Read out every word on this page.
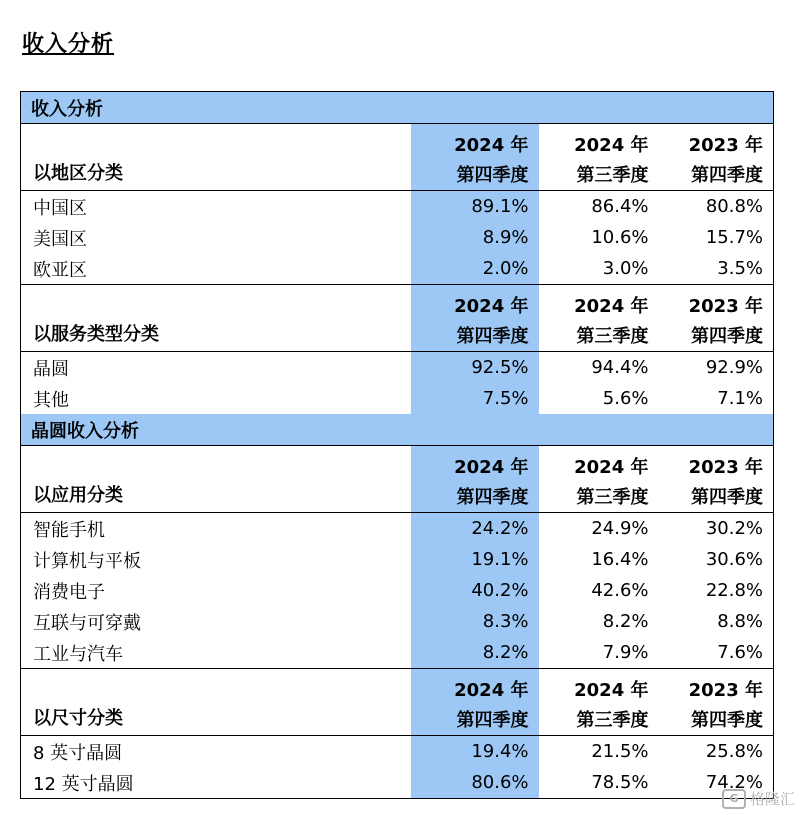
收入分析
收入分析			
	2024 年	2024 年	2023 年
以地区分类	第四季度	第三季度	第四季度
中国区	89.1%	86.4%	80.8%
美国区	8.9%	10.6%	15.7%
欧亚区	2.0%	3.0%	3.5%
	2024 年	2024 年	2023 年
以服务类型分类	第四季度	第三季度	第四季度
晶圆	92.5%	94.4%	92.9%
其他	7.5%	5.6%	7.1%
晶圆收入分析			
	2024 年	2024 年	2023 年
以应用分类	第四季度	第三季度	第四季度
智能手机	24.2%	24.9%	30.2%
计算机与平板	19.1%	16.4%	30.6%
消费电子	40.2%	42.6%	22.8%
互联与可穿戴	8.3%	8.2%	8.8%
工业与汽车	8.2%	7.9%	7.6%
	2024 年	2024 年	2023 年
以尺寸分类	第四季度	第三季度	第四季度
8 英寸晶圆	19.4%	21.5%	25.8%
12 英寸晶圆	80.6%	78.5%	74.2%
G 格隆汇
